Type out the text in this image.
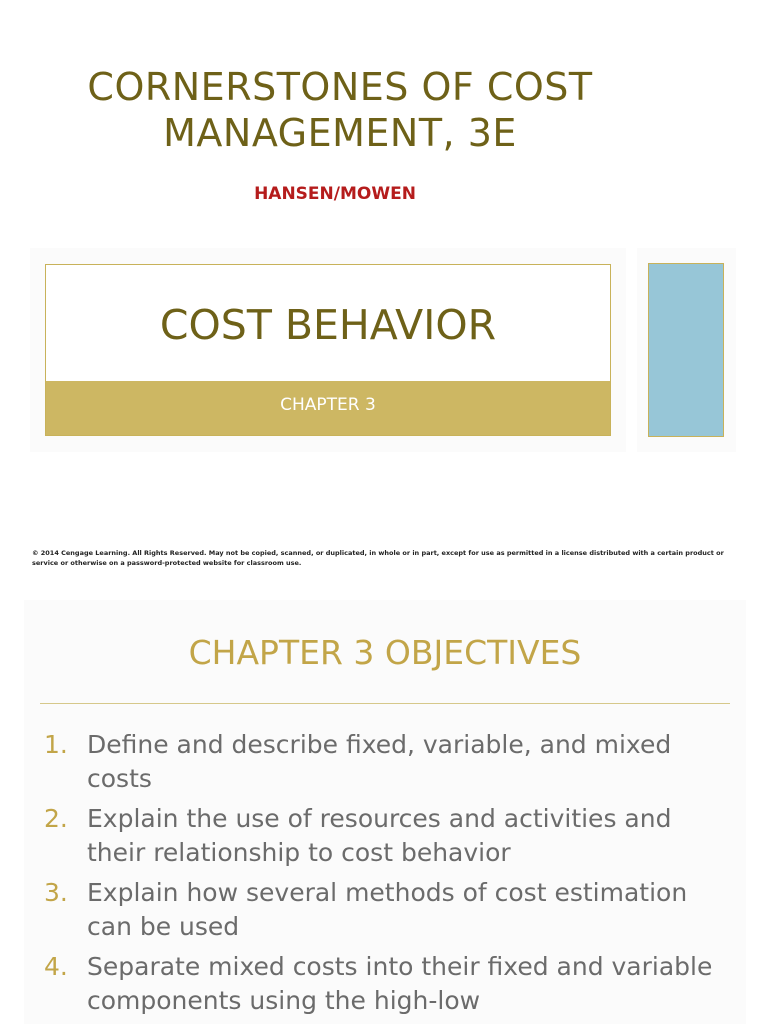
CORNERSTONES OF COST
MANAGEMENT, 3E
HANSEN/MOWEN
COST BEHAVIOR
CHAPTER 3
© 2014 Cengage Learning. All Rights Reserved. May not be copied, scanned, or duplicated, in whole or in part, except for use as permitted in a license distributed with a certain product or service or otherwise on a password-protected website for classroom use.
CHAPTER 3 OBJECTIVES
1. Define and describe fixed, variable, and mixed costs
2. Explain the use of resources and activities and their relationship to cost behavior
3. Explain how several methods of cost estimation can be used
4. Separate mixed costs into their fixed and variable components using the high-low
